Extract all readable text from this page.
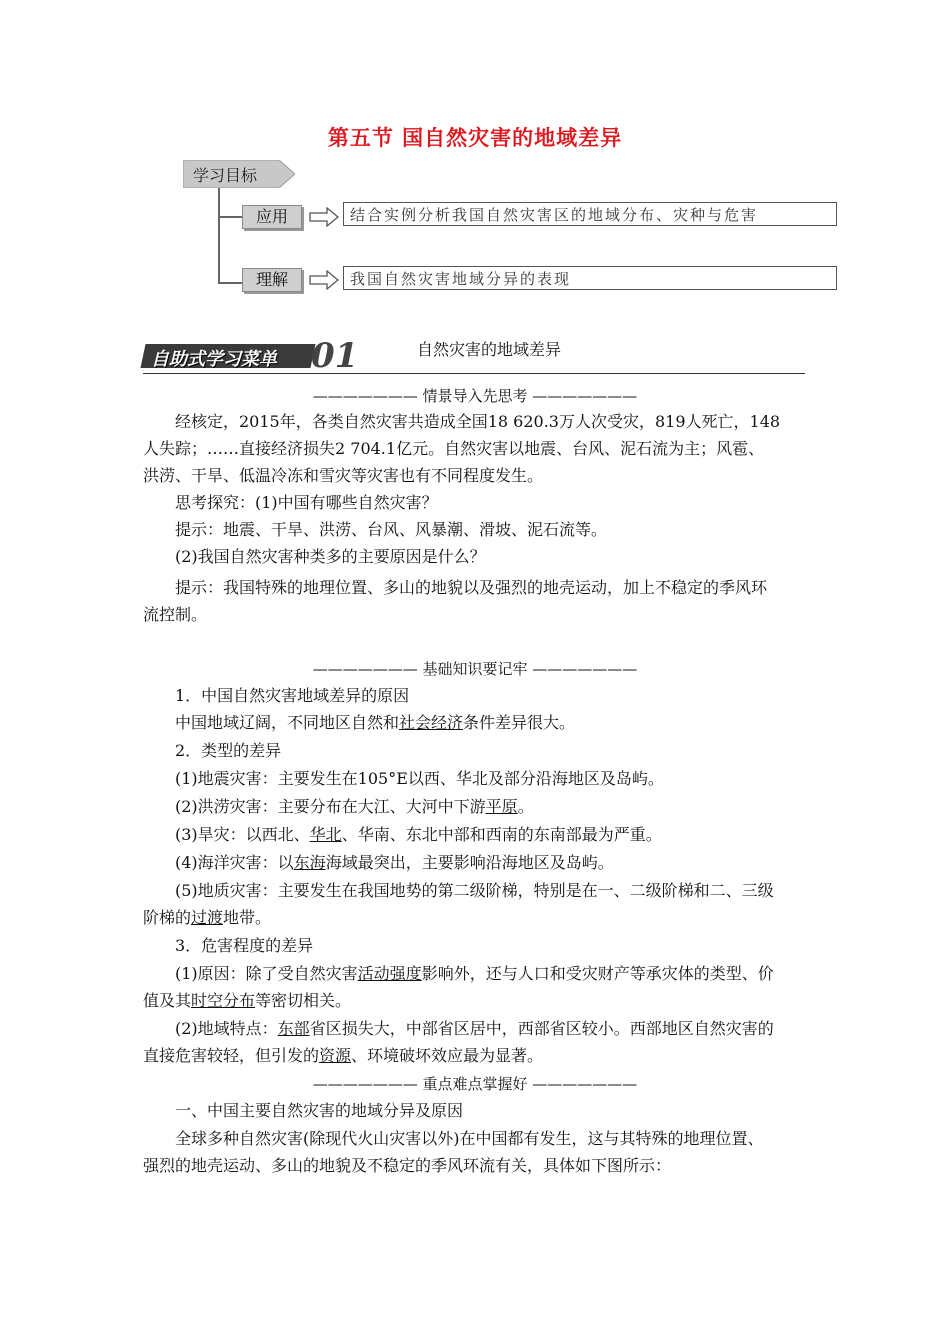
第五节 国自然灾害的地域差异
学习目标
应用	结合实例分析我国自然灾害区的地域分布、灾种与危害
理解	我国自然灾害地域分异的表现
自助式学习菜单 01	自然灾害的地域差异
——————— 情景导入先思考 ———————
经核定，2015年，各类自然灾害共造成全国18 620.3万人次受灾，819人死亡，148
人失踪；……直接经济损失2 704.1亿元。自然灾害以地震、台风、泥石流为主；风雹、
洪涝、干旱、低温冷冻和雪灾等灾害也有不同程度发生。
思考探究：(1)中国有哪些自然灾害？
提示：地震、干旱、洪涝、台风、风暴潮、滑坡、泥石流等。
(2)我国自然灾害种类多的主要原因是什么？
提示：我国特殊的地理位置、多山的地貌以及强烈的地壳运动，加上不稳定的季风环
流控制。
——————— 基础知识要记牢 ———————
1．中国自然灾害地域差异的原因
中国地域辽阔，不同地区自然和社会经济条件差异很大。
2．类型的差异
(1)地震灾害：主要发生在105°E以西、华北及部分沿海地区及岛屿。
(2)洪涝灾害：主要分布在大江、大河中下游平原。
(3)旱灾：以西北、华北、华南、东北中部和西南的东南部最为严重。
(4)海洋灾害：以东海海域最突出，主要影响沿海地区及岛屿。
(5)地质灾害：主要发生在我国地势的第二级阶梯，特别是在一、二级阶梯和二、三级
阶梯的过渡地带。
3．危害程度的差异
(1)原因：除了受自然灾害活动强度影响外，还与人口和受灾财产等承灾体的类型、价
值及其时空分布等密切相关。
(2)地域特点：东部省区损失大，中部省区居中，西部省区较小。西部地区自然灾害的
直接危害较轻，但引发的资源、环境破坏效应最为显著。
——————— 重点难点掌握好 ———————
一、中国主要自然灾害的地域分异及原因
全球多种自然灾害(除现代火山灾害以外)在中国都有发生，这与其特殊的地理位置、
强烈的地壳运动、多山的地貌及不稳定的季风环流有关，具体如下图所示：
